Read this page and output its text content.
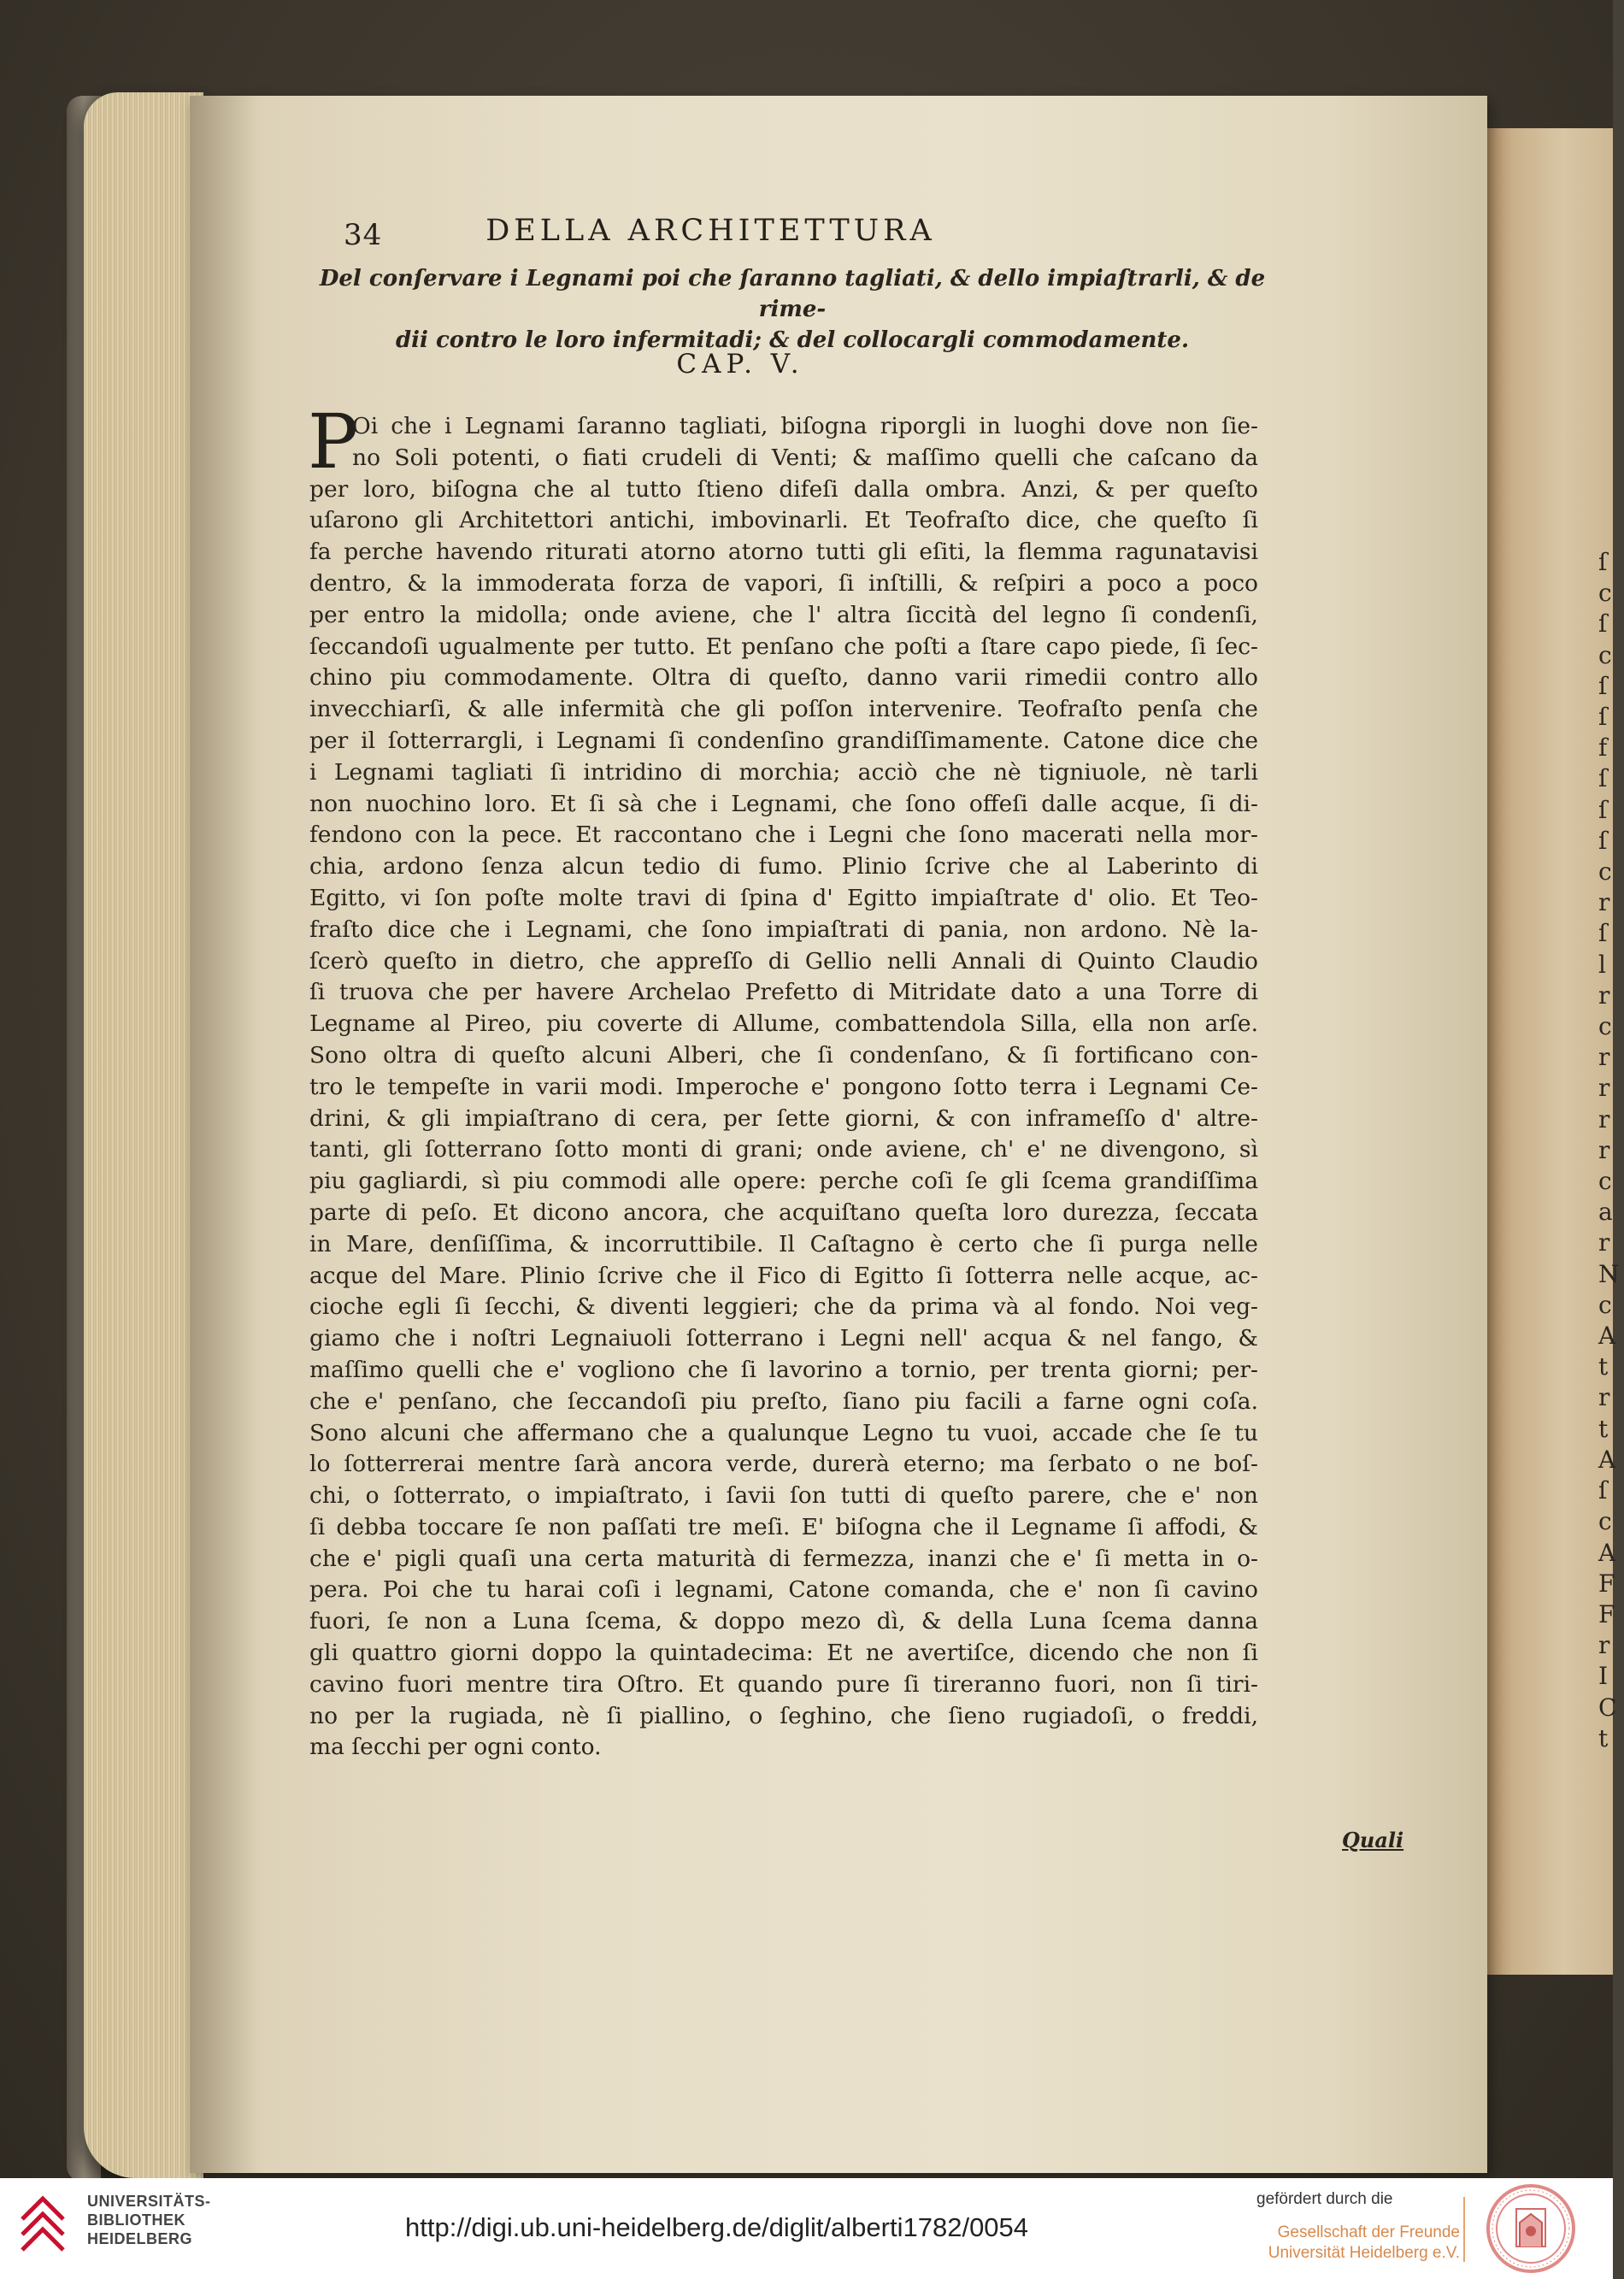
ſ
c
ſ
c
ſ
ſ
f
ſ
ſ
ſ
c
r
ſ
l
r
c
r
r
r
r
c
a
r
N
c
A
t
r
t
A
ſ
c
A
F
F
r
I
C
t
34	DELLA ARCHITETTURA
Del conſervare i Legnami poi che ſaranno tagliati, & dello impiaſtrarli, & de rime-
dii contro le loro infermitadi; & del collocargli commodamente.
CAP. V.
P
Oi che i Legnami ſaranno tagliati, biſogna riporgli in luoghi dove non ſie-
no Soli potenti, o fiati crudeli di Venti; & maſſimo quelli che caſcano da
per loro, biſogna che al tutto ſtieno difeſi dalla ombra. Anzi, & per queſto
uſarono gli Architettori antichi, imbovinarli. Et Teofraſto dice, che queſto ſi
fa perche havendo riturati atorno atorno tutti gli eſiti, la flemma ragunatavisi
dentro, & la immoderata forza de vapori, ſi inſtilli, & reſpiri a poco a poco
per entro la midolla; onde aviene, che l' altra ſiccità del legno ſi condenſi,
ſeccandoſi ugualmente per tutto. Et penſano che poſti a ſtare capo piede, ſi ſec-
chino piu commodamente. Oltra di queſto, danno varii rimedii contro allo
invecchiarſi, & alle infermità che gli poſſon intervenire. Teofraſto penſa che
per il ſotterrargli, i Legnami ſi condenſino grandiſſimamente. Catone dice che
i Legnami tagliati ſi intridino di morchia; acciò che nè tigniuole, nè tarli
non nuochino loro. Et ſi sà che i Legnami, che ſono offeſi dalle acque, ſi di-
fendono con la pece. Et raccontano che i Legni che ſono macerati nella mor-
chia, ardono ſenza alcun tedio di fumo. Plinio ſcrive che al Laberinto di
Egitto, vi ſon poſte molte travi di ſpina d' Egitto impiaſtrate d' olio. Et Teo-
fraſto dice che i Legnami, che ſono impiaſtrati di pania, non ardono. Nè la-
ſcerò queſto in dietro, che appreſſo di Gellio nelli Annali di Quinto Claudio
ſi truova che per havere Archelao Prefetto di Mitridate dato a una Torre di
Legname al Pireo, piu coverte di Allume, combattendola Silla, ella non arſe.
Sono oltra di queſto alcuni Alberi, che ſi condenſano, & ſi fortificano con-
tro le tempeſte in varii modi. Imperoche e' pongono ſotto terra i Legnami Ce-
drini, & gli impiaſtrano di cera, per ſette giorni, & con inframeſſo d' altre-
tanti, gli ſotterrano ſotto monti di grani; onde aviene, ch' e' ne divengono, sì
piu gagliardi, sì piu commodi alle opere: perche coſi ſe gli ſcema grandiſſima
parte di peſo. Et dicono ancora, che acquiſtano queſta loro durezza, ſeccata
in Mare, denſiſſima, & incorruttibile. Il Caſtagno è certo che ſi purga nelle
acque del Mare. Plinio ſcrive che il Fico di Egitto ſi ſotterra nelle acque, ac-
cioche egli ſi ſecchi, & diventi leggieri; che da prima và al fondo. Noi veg-
giamo che i noſtri Legnaiuoli ſotterrano i Legni nell' acqua & nel fango, &
maſſimo quelli che e' vogliono che ſi lavorino a tornio, per trenta giorni; per-
che e' penſano, che ſeccandoſi piu preſto, ſiano piu facili a farne ogni coſa.
Sono alcuni che affermano che a qualunque Legno tu vuoi, accade che ſe tu
lo ſotterrerai mentre ſarà ancora verde, durerà eterno; ma ſerbato o ne boſ-
chi, o ſotterrato, o impiaſtrato, i ſavii ſon tutti di queſto parere, che e' non
ſi debba toccare ſe non paſſati tre meſi. E' biſogna che il Legname ſi affodi, &
che e' pigli quaſi una certa maturità di fermezza, inanzi che e' ſi metta in o-
pera. Poi che tu harai coſi i legnami, Catone comanda, che e' non ſi cavino
fuori, ſe non a Luna ſcema, & doppo mezo dì, & della Luna ſcema danna
gli quattro giorni doppo la quintadecima: Et ne avertiſce, dicendo che non ſi
cavino fuori mentre tira Oſtro. Et quando pure ſi tireranno fuori, non ſi tiri-
no per la rugiada, nè ſi piallino, o ſeghino, che ſieno rugiadoſi, o freddi,
ma ſecchi per ogni conto.
Quali
UNIVERSITÄTS-
BIBLIOTHEK
HEIDELBERG	http://digi.ub.uni-heidelberg.de/diglit/alberti1782/0054
gefördert durch die
Gesellschaft der Freunde
Universität Heidelberg e.V.
